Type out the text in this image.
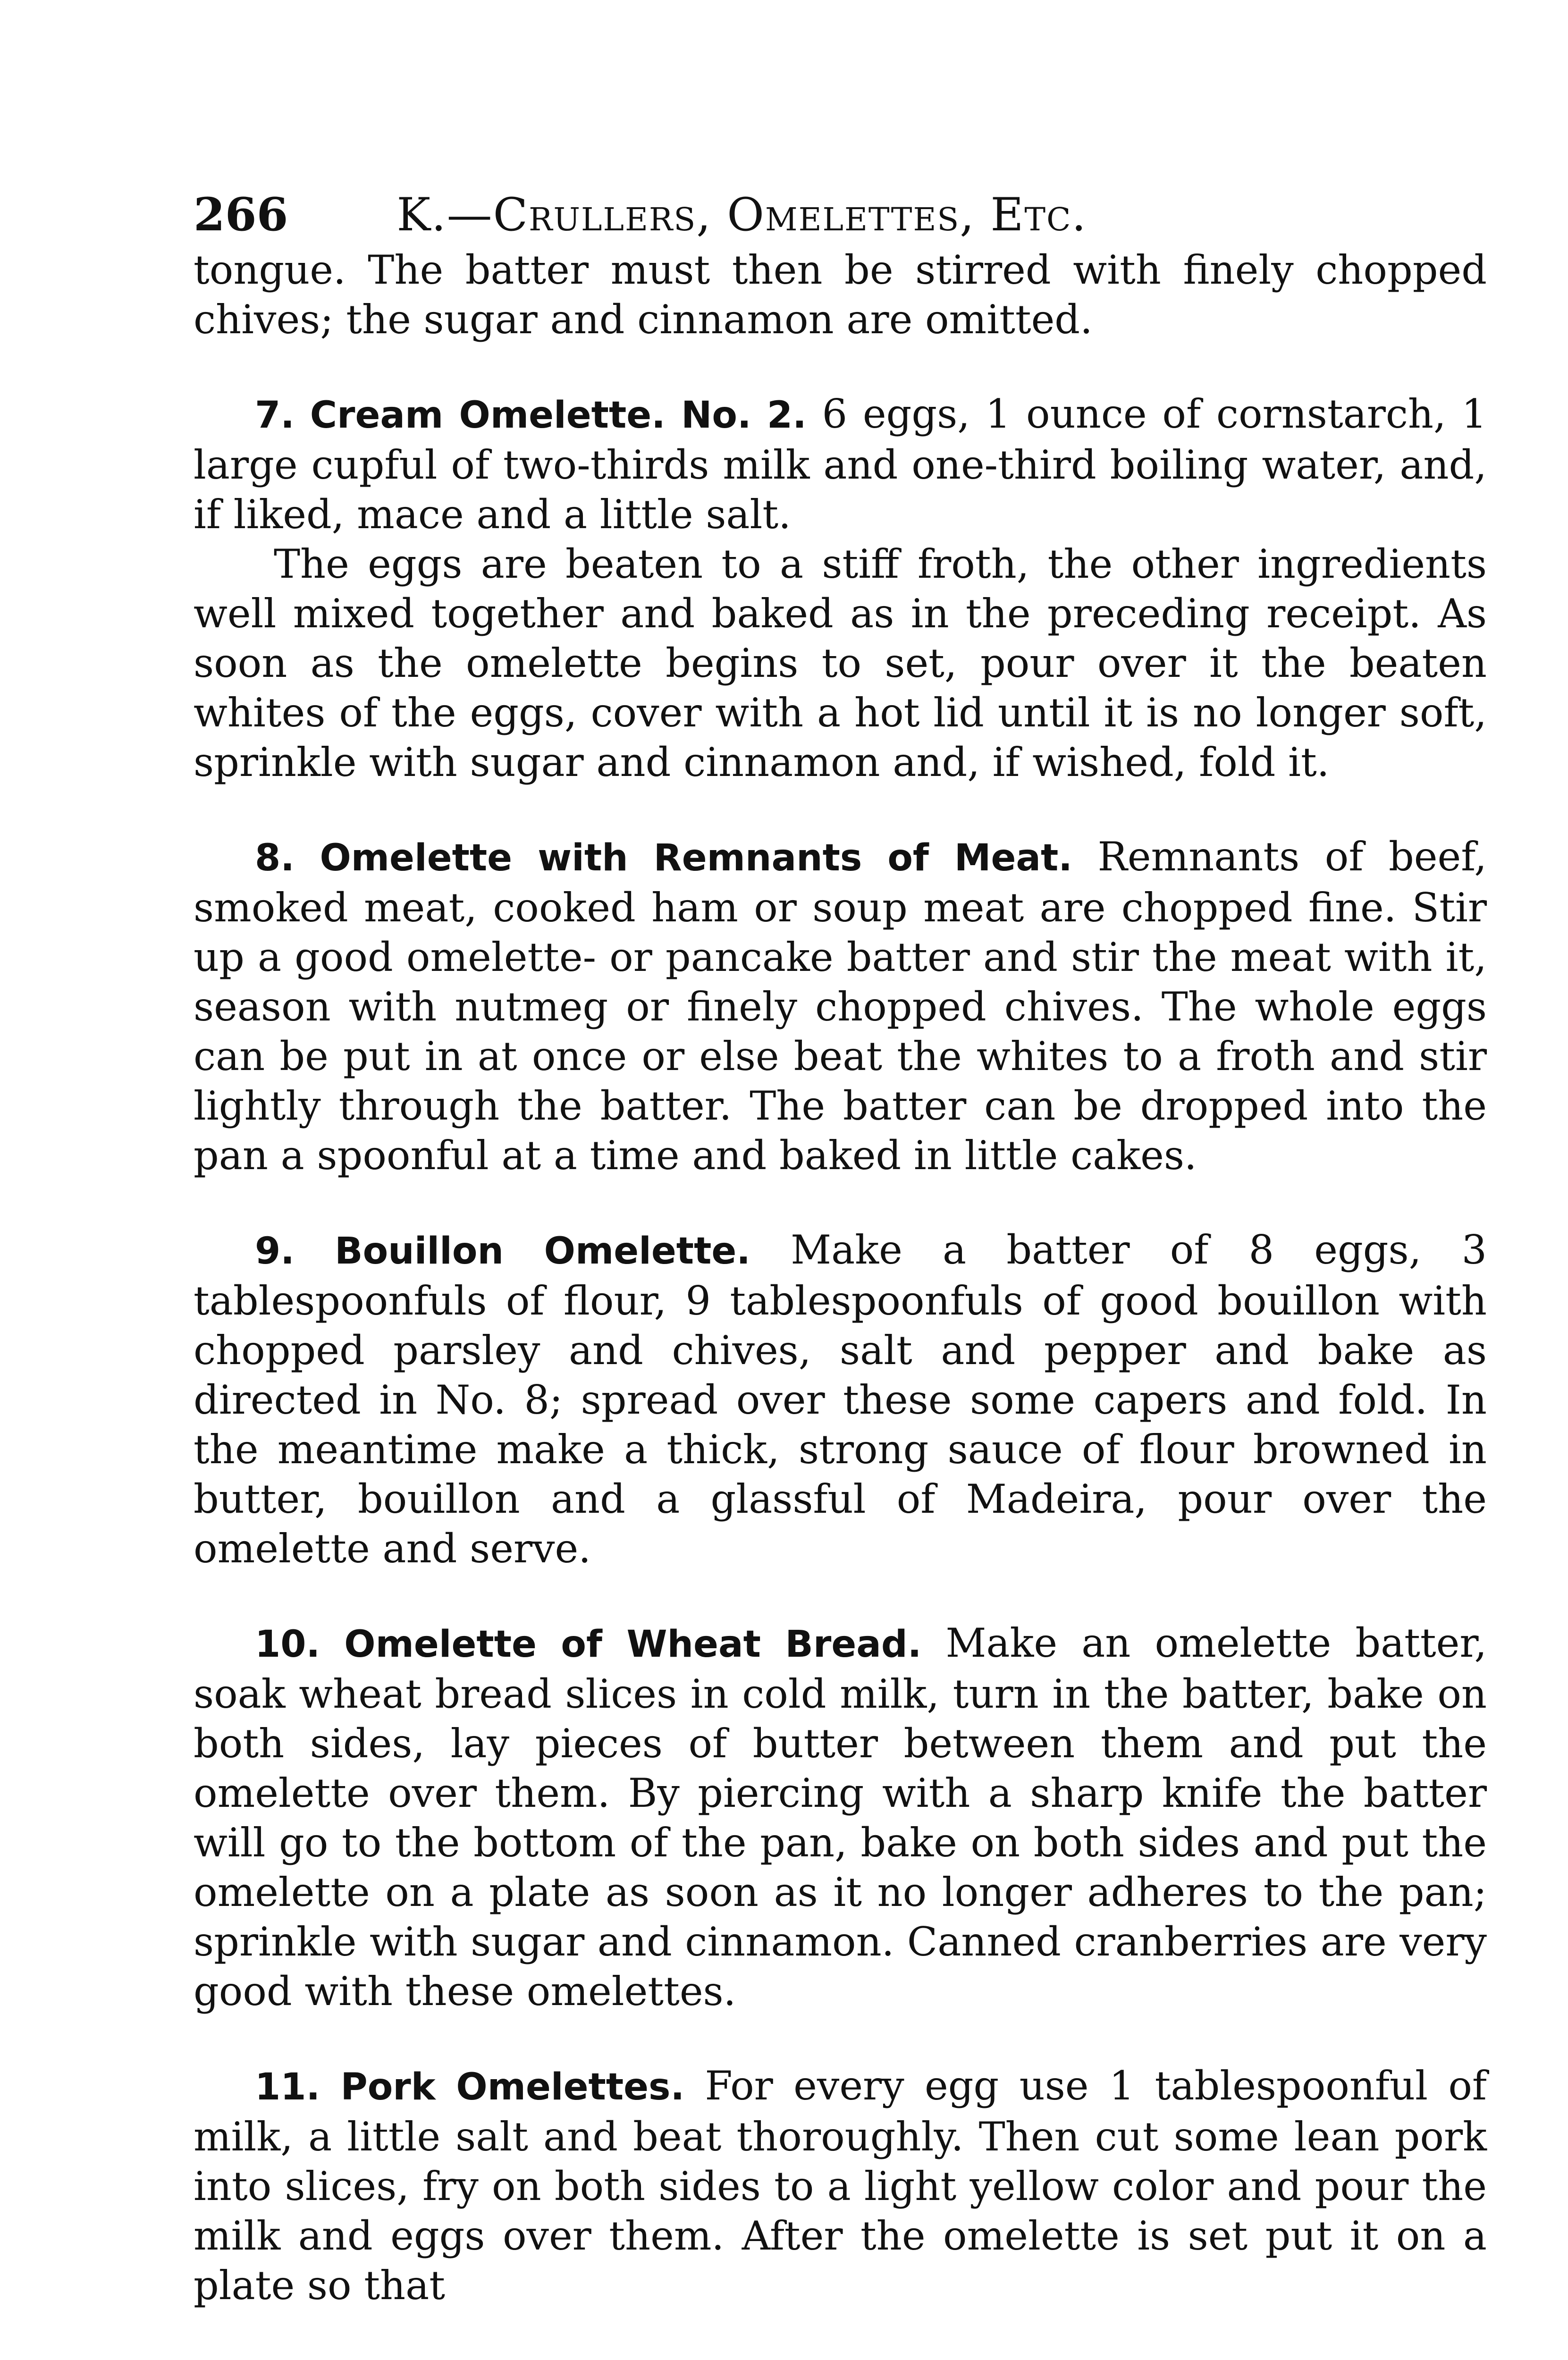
266 K.—Crullers, Omelettes, Etc.

tongue. The batter must then be stirred with finely chopped chives; the sugar and cinnamon are omitted.

7. Cream Omelette. No. 2. 6 eggs, 1 ounce of cornstarch, 1 large cupful of two-thirds milk and one-third boiling water, and, if liked, mace and a little salt.

The eggs are beaten to a stiff froth, the other ingredients well mixed together and baked as in the preceding receipt. As soon as the omelette begins to set, pour over it the beaten whites of the eggs, cover with a hot lid until it is no longer soft, sprinkle with sugar and cinnamon and, if wished, fold it.

8. Omelette with Remnants of Meat. Remnants of beef, smoked meat, cooked ham or soup meat are chopped fine. Stir up a good omelette- or pancake batter and stir the meat with it, season with nutmeg or finely chopped chives. The whole eggs can be put in at once or else beat the whites to a froth and stir lightly through the batter. The batter can be dropped into the pan a spoonful at a time and baked in little cakes.

9. Bouillon Omelette. Make a batter of 8 eggs, 3 tablespoonfuls of flour, 9 tablespoonfuls of good bouillon with chopped parsley and chives, salt and pepper and bake as directed in No. 8; spread over these some capers and fold. In the meantime make a thick, strong sauce of flour browned in butter, bouillon and a glassful of Madeira, pour over the omelette and serve.

10. Omelette of Wheat Bread. Make an omelette batter, soak wheat bread slices in cold milk, turn in the batter, bake on both sides, lay pieces of butter between them and put the omelette over them. By piercing with a sharp knife the batter will go to the bottom of the pan, bake on both sides and put the omelette on a plate as soon as it no longer adheres to the pan; sprinkle with sugar and cinnamon. Canned cranberries are very good with these omelettes.

11. Pork Omelettes. For every egg use 1 tablespoonful of milk, a little salt and beat thoroughly. Then cut some lean pork into slices, fry on both sides to a light yellow color and pour the milk and eggs over them. After the omelette is set put it on a plate so that
